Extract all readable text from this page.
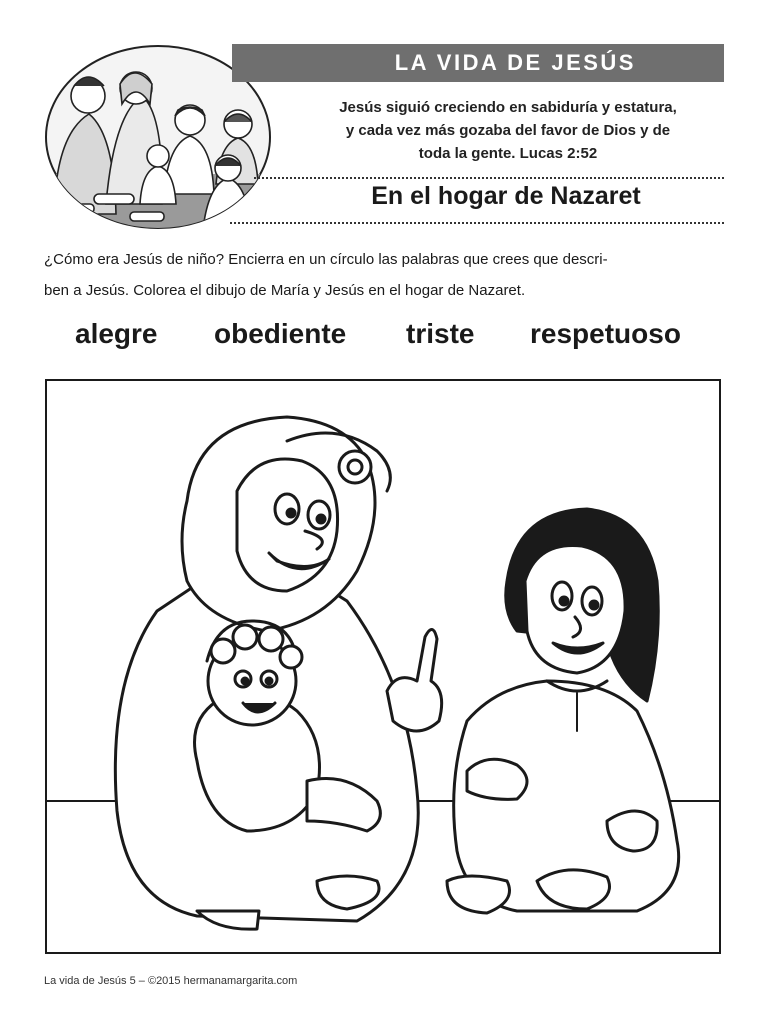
LA VIDA DE JESÚS
Jesús siguió creciendo en sabiduría y estatura,
y cada vez más gozaba del favor de Dios y de
toda la gente. Lucas 2:52
En el hogar de Nazaret
¿Cómo era Jesús de niño? Encierra en un círculo las palabras que crees que descri-
ben a Jesús. Colorea el dibujo de María y Jesús en el hogar de Nazaret.
alegre obediente triste respetuoso
La vida de Jesús 5 – ©2015 hermanamargarita.com
